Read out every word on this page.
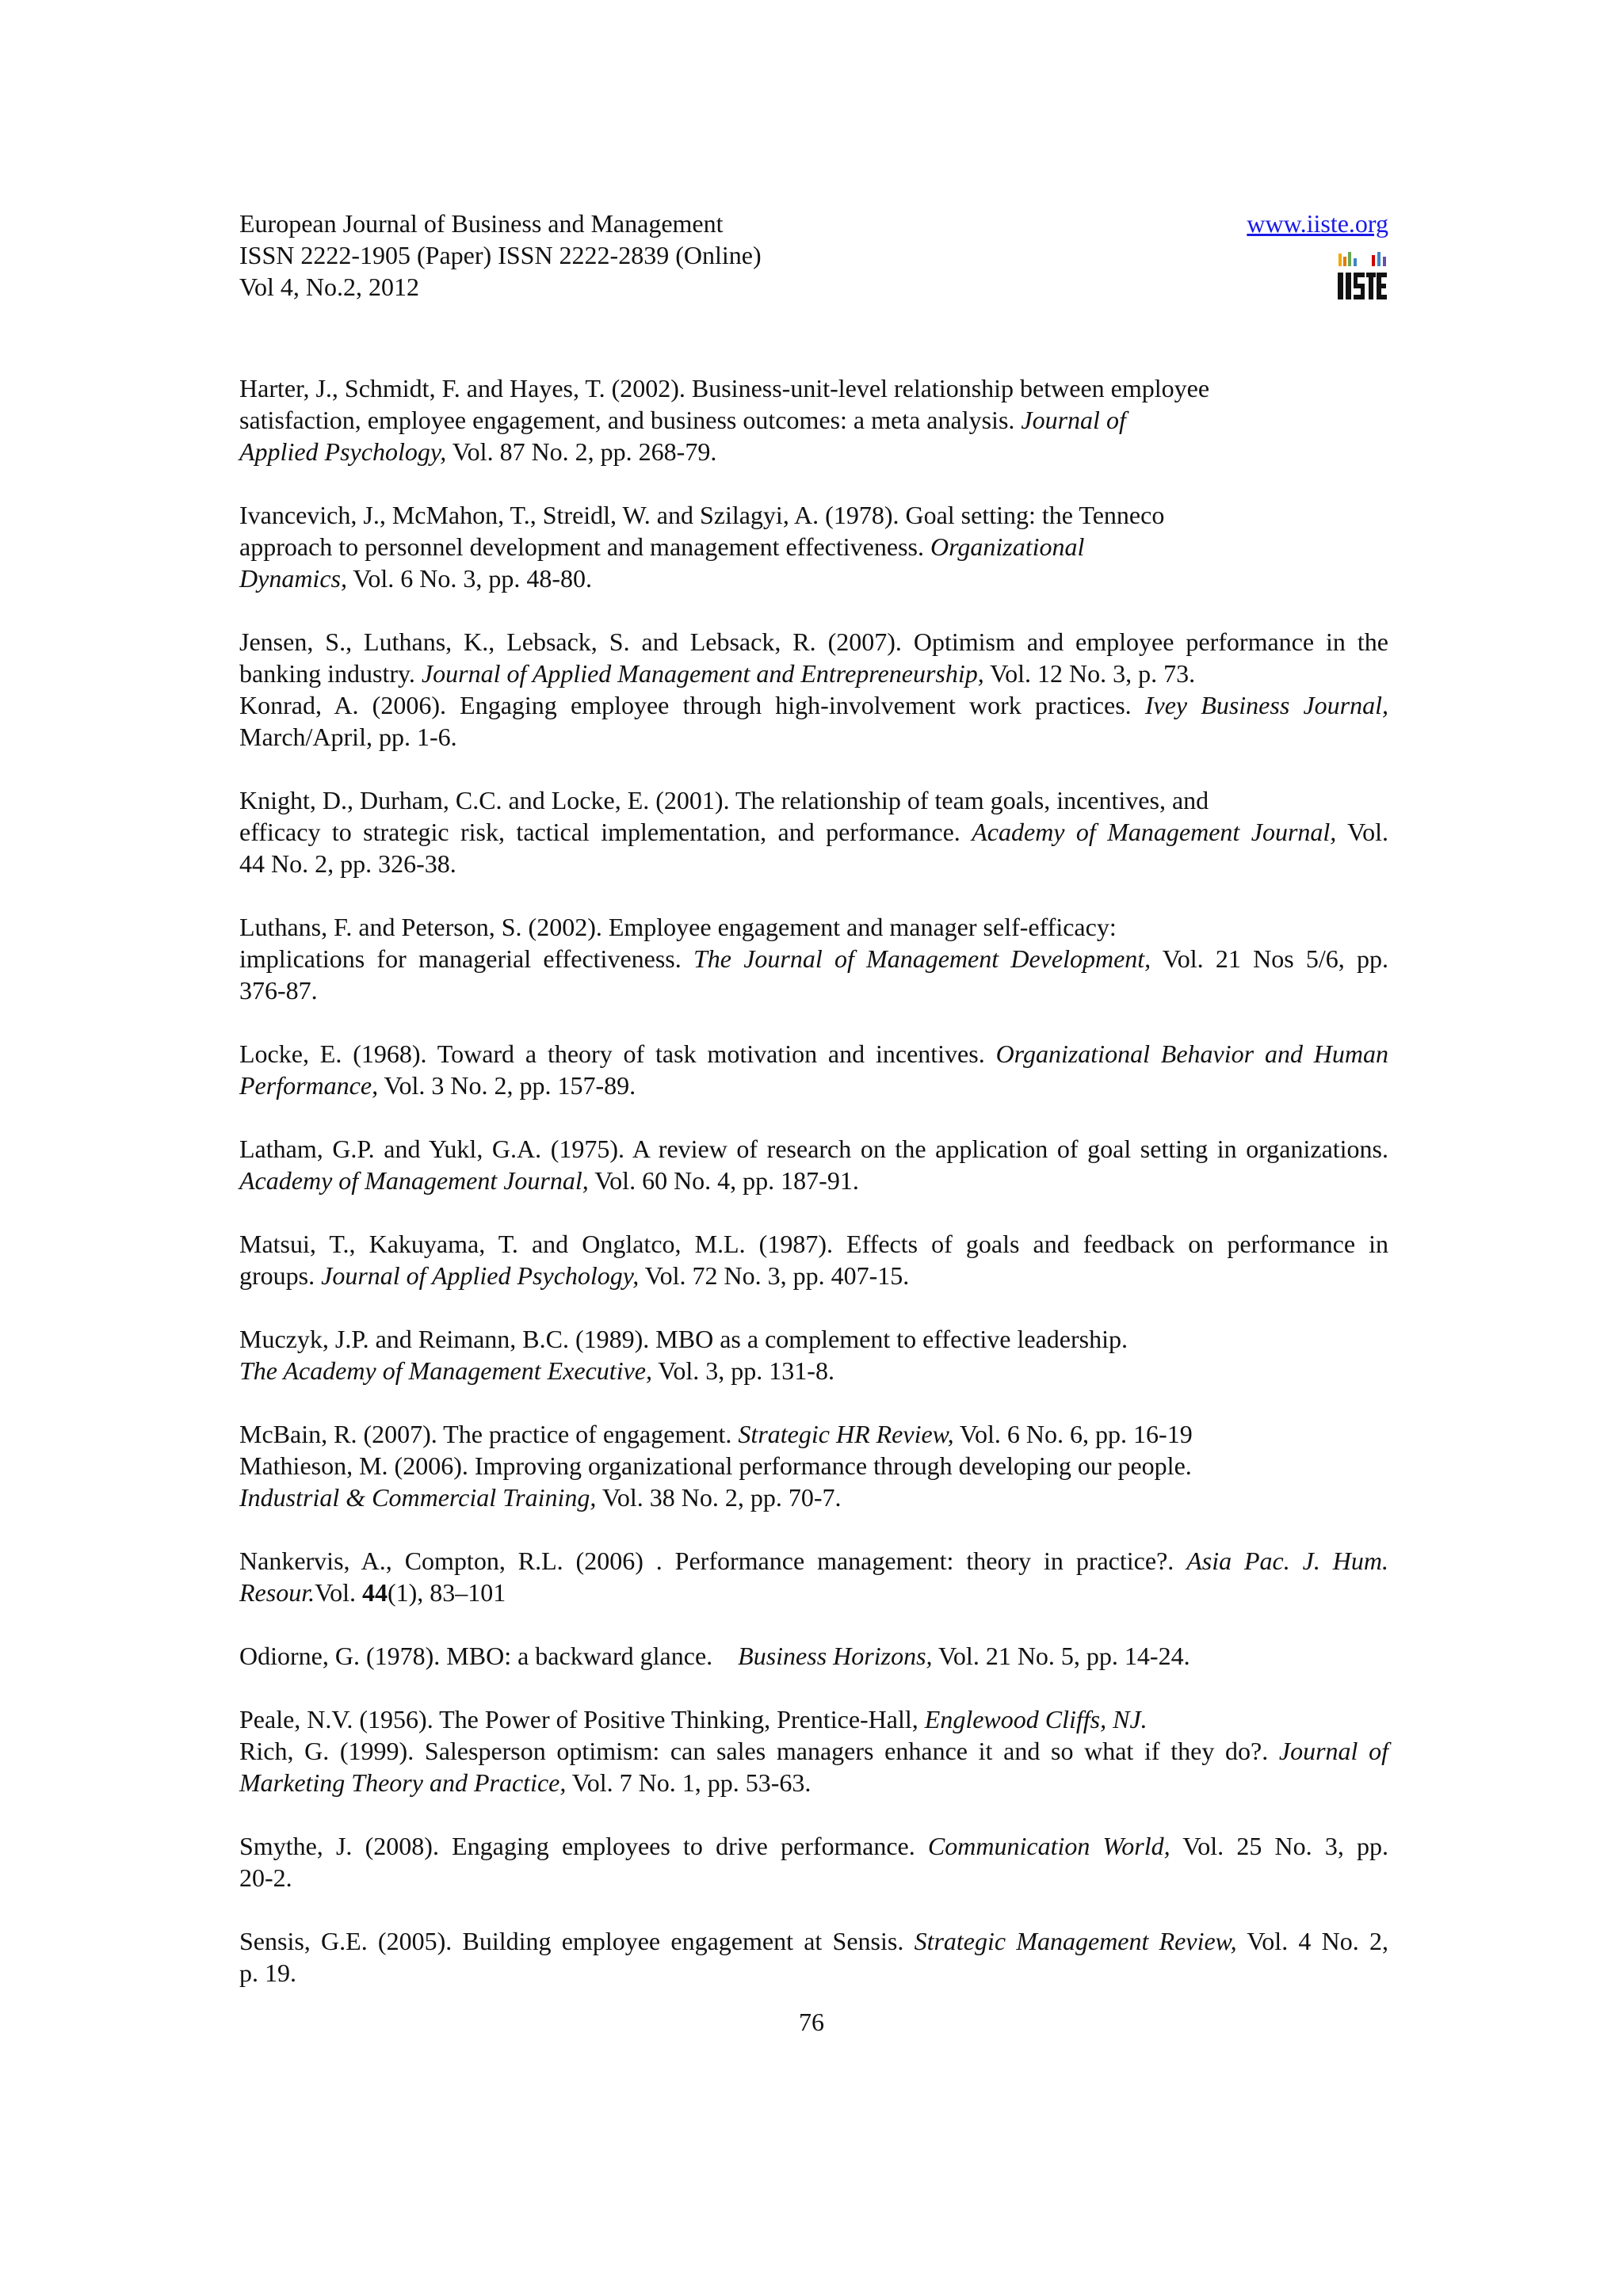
European Journal of Business and Management
ISSN 2222-1905 (Paper) ISSN 2222-2839 (Online)
Vol 4, No.2, 2012
www.iiste.org
Harter, J., Schmidt, F. and Hayes, T. (2002). Business-unit-level relationship between employee
satisfaction, employee engagement, and business outcomes: a meta analysis. Journal of
Applied Psychology, Vol. 87 No. 2, pp. 268-79.
Ivancevich, J., McMahon, T., Streidl, W. and Szilagyi, A. (1978). Goal setting: the Tenneco
approach to personnel development and management effectiveness. Organizational
Dynamics, Vol. 6 No. 3, pp. 48-80.
Jensen, S., Luthans, K., Lebsack, S. and Lebsack, R. (2007). Optimism and employee performance in the
banking industry. Journal of Applied Management and Entrepreneurship, Vol. 12 No. 3, p. 73.
Konrad, A. (2006). Engaging employee through high-involvement work practices. Ivey Business Journal,
March/April, pp. 1-6.
Knight, D., Durham, C.C. and Locke, E. (2001). The relationship of team goals, incentives, and
efficacy to strategic risk, tactical implementation, and performance. Academy of Management Journal, Vol.
44 No. 2, pp. 326-38.
Luthans, F. and Peterson, S. (2002). Employee engagement and manager self-efficacy:
implications for managerial effectiveness. The Journal of Management Development, Vol. 21 Nos 5/6, pp.
376-87.
Locke, E. (1968). Toward a theory of task motivation and incentives. Organizational Behavior and Human
Performance, Vol. 3 No. 2, pp. 157-89.
Latham, G.P. and Yukl, G.A. (1975). A review of research on the application of goal setting in organizations.
Academy of Management Journal, Vol. 60 No. 4, pp. 187-91.
Matsui, T., Kakuyama, T. and Onglatco, M.L. (1987). Effects of goals and feedback on performance in
groups. Journal of Applied Psychology, Vol. 72 No. 3, pp. 407-15.
Muczyk, J.P. and Reimann, B.C. (1989). MBO as a complement to effective leadership.
The Academy of Management Executive, Vol. 3, pp. 131-8.
McBain, R. (2007). The practice of engagement. Strategic HR Review, Vol. 6 No. 6, pp. 16-19
Mathieson, M. (2006). Improving organizational performance through developing our people.
Industrial & Commercial Training, Vol. 38 No. 2, pp. 70-7.
Nankervis, A., Compton, R.L. (2006) . Performance management: theory in practice?. Asia Pac. J. Hum.
Resour.Vol. 44(1), 83–101
Odiorne, G. (1978). MBO: a backward glance.    Business Horizons, Vol. 21 No. 5, pp. 14-24.
Peale, N.V. (1956). The Power of Positive Thinking, Prentice-Hall, Englewood Cliffs, NJ.
Rich, G. (1999). Salesperson optimism: can sales managers enhance it and so what if they do?. Journal of
Marketing Theory and Practice, Vol. 7 No. 1, pp. 53-63.
Smythe, J. (2008). Engaging employees to drive performance. Communication World, Vol. 25 No. 3, pp.
20-2.
Sensis, G.E. (2005). Building employee engagement at Sensis. Strategic Management Review, Vol. 4 No. 2,
p. 19.
76
